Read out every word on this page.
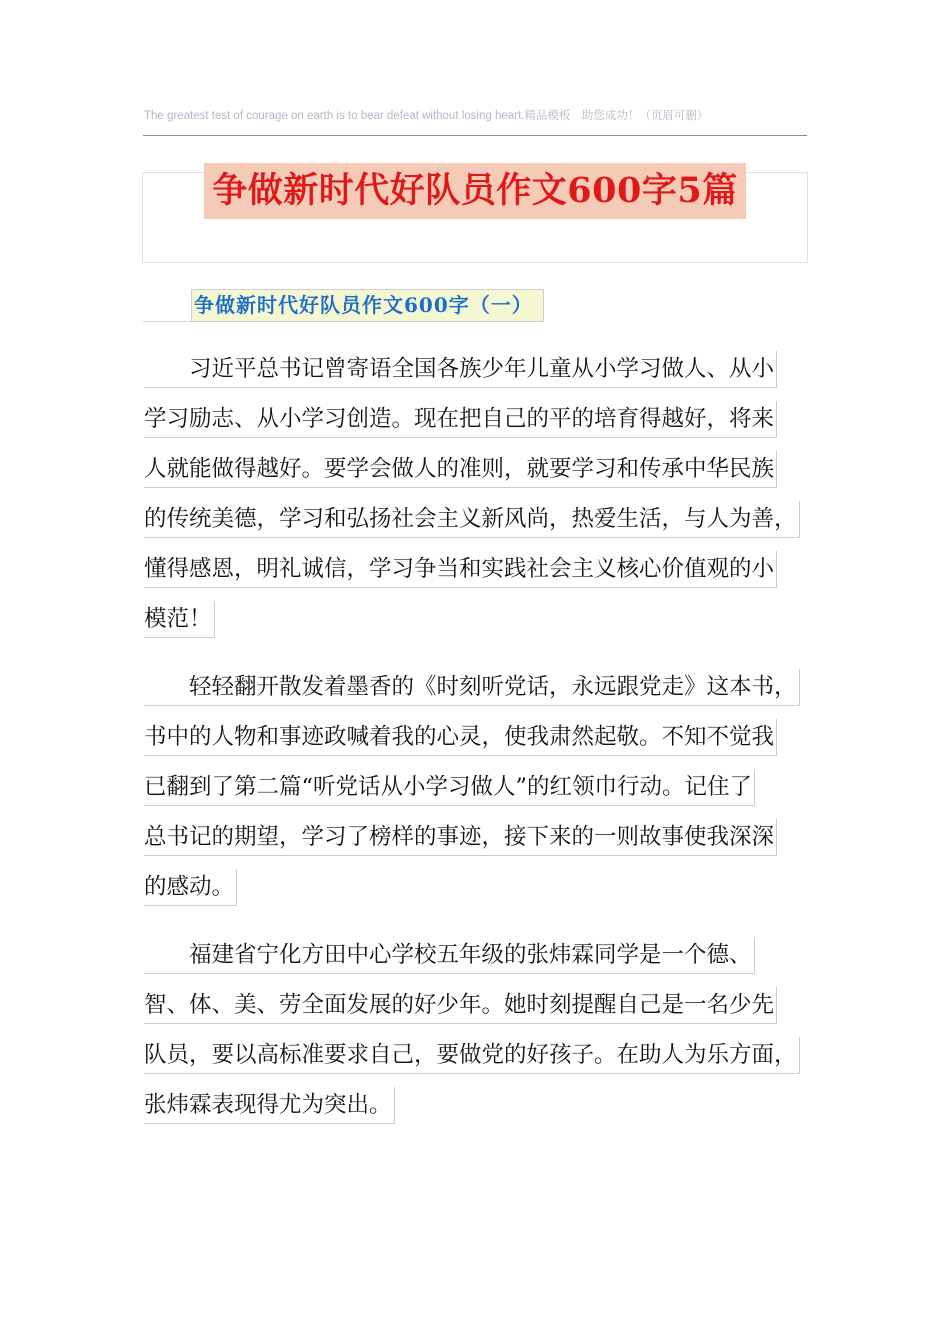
The greatest test of courage on earth is to bear defeat without losing heart.精品模板　助您成功！（页眉可删）
争做新时代好队员作文600字5篇
争做新时代好队员作文600字（一）
　　习近平总书记曾寄语全国各族少年儿童从小学习做人、从小
学习励志、从小学习创造。现在把自己的平的培育得越好，将来
人就能做得越好。要学会做人的准则，就要学习和传承中华民族
的传统美德，学习和弘扬社会主义新风尚，热爱生活，与人为善，
懂得感恩，明礼诚信，学习争当和实践社会主义核心价值观的小
模范！
　　轻轻翻开散发着墨香的《时刻听党话，永远跟党走》这本书，
书中的人物和事迹政喊着我的心灵，使我肃然起敬。不知不觉我
已翻到了第二篇“听党话从小学习做人”的红领巾行动。记住了
总书记的期望，学习了榜样的事迹，接下来的一则故事使我深深
的感动。
　　福建省宁化方田中心学校五年级的张炜霖同学是一个德、
智、体、美、劳全面发展的好少年。她时刻提醒自己是一名少先
队员，要以高标准要求自己，要做党的好孩子。在助人为乐方面，
张炜霖表现得尤为突出。
